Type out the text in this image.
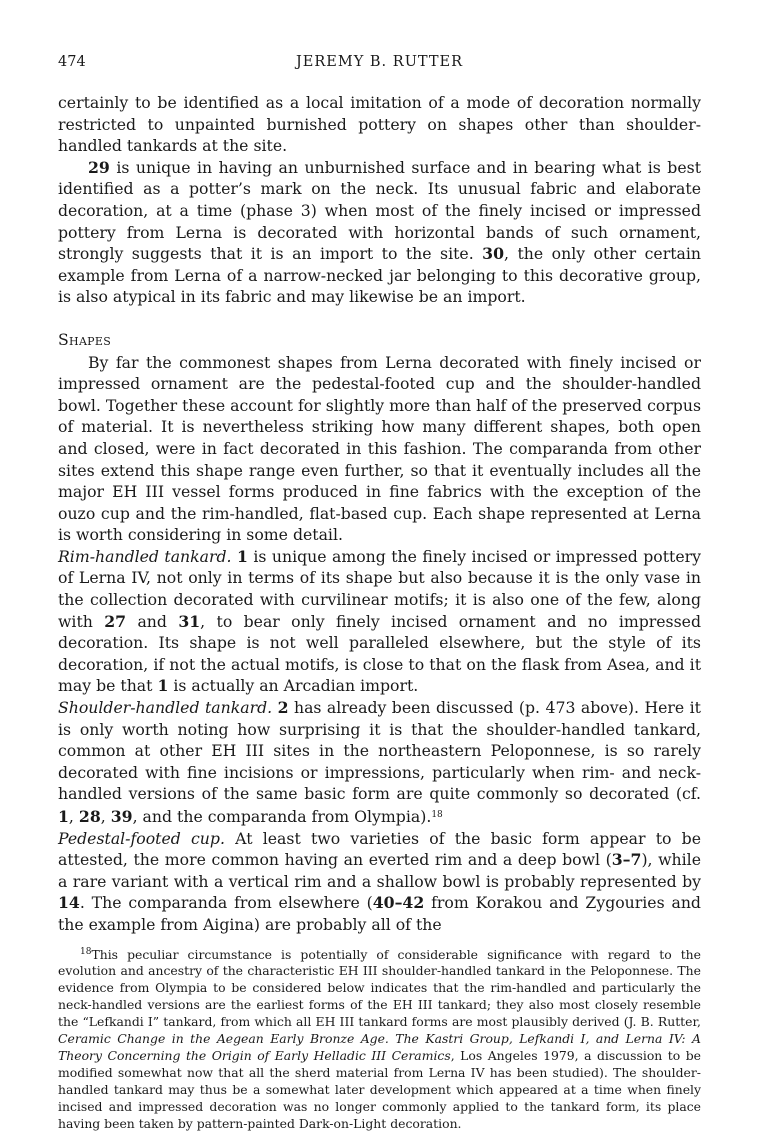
474	JEREMY B. RUTTER

certainly to be identified as a local imitation of a mode of decoration normally restricted to unpainted burnished pottery on shapes other than shoulder-handled tankards at the site.

29 is unique in having an unburnished surface and in bearing what is best identified as a potter’s mark on the neck. Its unusual fabric and elaborate decoration, at a time (phase 3) when most of the finely incised or impressed pottery from Lerna is decorated with horizontal bands of such ornament, strongly suggests that it is an import to the site. 30, the only other certain example from Lerna of a narrow-necked jar belonging to this decorative group, is also atypical in its fabric and may likewise be an import.

Shapes

By far the commonest shapes from Lerna decorated with finely incised or impressed ornament are the pedestal-footed cup and the shoulder-handled bowl. Together these account for slightly more than half of the preserved corpus of material. It is nevertheless striking how many different shapes, both open and closed, were in fact decorated in this fashion. The comparanda from other sites extend this shape range even further, so that it eventually includes all the major EH III vessel forms produced in fine fabrics with the exception of the ouzo cup and the rim-handled, flat-based cup. Each shape represented at Lerna is worth considering in some detail.

Rim-handled tankard. 1 is unique among the finely incised or impressed pottery of Lerna IV, not only in terms of its shape but also because it is the only vase in the collection decorated with curvilinear motifs; it is also one of the few, along with 27 and 31, to bear only finely incised ornament and no impressed decoration. Its shape is not well paralleled elsewhere, but the style of its decoration, if not the actual motifs, is close to that on the flask from Asea, and it may be that 1 is actually an Arcadian import.

Shoulder-handled tankard. 2 has already been discussed (p. 473 above). Here it is only worth noting how surprising it is that the shoulder-handled tankard, common at other EH III sites in the northeastern Peloponnese, is so rarely decorated with fine incisions or impressions, particularly when rim- and neck-handled versions of the same basic form are quite commonly so decorated (cf. 1, 28, 39, and the comparanda from Olympia).$^{18}$

Pedestal-footed cup. At least two varieties of the basic form appear to be attested, the more common having an everted rim and a deep bowl (3–7), while a rare variant with a vertical rim and a shallow bowl is probably represented by 14. The comparanda from elsewhere (40–42 from Korakou and Zygouries and the example from Aigina) are probably all of the

$^{18}$This peculiar circumstance is potentially of considerable significance with regard to the evolution and ancestry of the characteristic EH III shoulder-handled tankard in the Peloponnese. The evidence from Olympia to be considered below indicates that the rim-handled and particularly the neck-handled versions are the earliest forms of the EH III tankard; they also most closely resemble the “Lefkandi I” tankard, from which all EH III tankard forms are most plausibly derived (J. B. Rutter, Ceramic Change in the Aegean Early Bronze Age. The Kastri Group, Lefkandi I, and Lerna IV: A Theory Concerning the Origin of Early Helladic III Ceramics, Los Angeles 1979, a discussion to be modified somewhat now that all the sherd material from Lerna IV has been studied). The shoulder-handled tankard may thus be a somewhat later development which appeared at a time when finely incised and impressed decoration was no longer commonly applied to the tankard form, its place having been taken by pattern-painted Dark-on-Light decoration.
